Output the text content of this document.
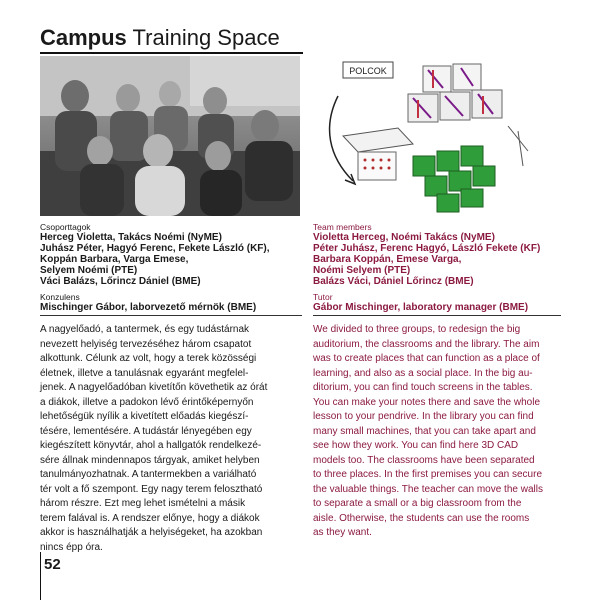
Campus Training Space
POLCOK
Csoporttagok
Herceg Violetta, Takács Noémi (NyME)
Juhász Péter, Hagyó Ferenc, Fekete László (KF),
Koppán Barbara, Varga Emese,
Selyem Noémi (PTE)
Váci Balázs, Lőrincz Dániel (BME)
Konzulens
Mischinger Gábor, laborvezető mérnök (BME)
Team members
Violetta Herceg, Noémi Takács (NyME)
Péter Juhász, Ferenc Hagyó, László Fekete (KF)
Barbara Koppán, Emese Varga,
Noémi Selyem (PTE)
Balázs Váci, Dániel Lőrincz (BME)
Tutor
Gábor Mischinger, laboratory manager (BME)
A nagyelőadó, a tantermek, és egy tudástárnak
nevezett helyiség tervezéséhez három csapatot
alkottunk. Célunk az volt, hogy a terek közösségi
életnek, illetve a tanulásnak egyaránt megfelel-
jenek. A nagyelőadóban kivetítőn követhetik az órát
a diákok, illetve a padokon lévő érintőképernyőn
lehetőségük nyílik a kivetített előadás kiegészí-
tésére, lementésére. A tudástár lényegében egy
kiegészített könyvtár, ahol a hallgatók rendelkezé-
sére állnak mindennapos tárgyak, amiket helyben
tanulmányozhatnak. A tantermekben a variálható
tér volt a fő szempont. Egy nagy terem felosztható
három részre. Ezt meg lehet ismételni a másik
terem falával is. A rendszer előnye, hogy a diákok
akkor is használhatják a helyiségeket, ha azokban
nincs épp óra.
We divided to three groups, to redesign the big
auditorium, the classrooms and the library. The aim
was to create places that can function as a place of
learning, and also as a social place. In the big au-
ditorium, you can find touch screens in the tables.
You can make your notes there and save the whole
lesson to your pendrive. In the library you can find
many small machines, that you can take apart and
see how they work. You can find here 3D CAD
models too. The classrooms have been separated
to three places. In the first premises you can secure
the valuable things. The teacher can move the walls
to separate a small or a big classroom from the
aisle. Otherwise, the students can use the rooms
as they want.
52
